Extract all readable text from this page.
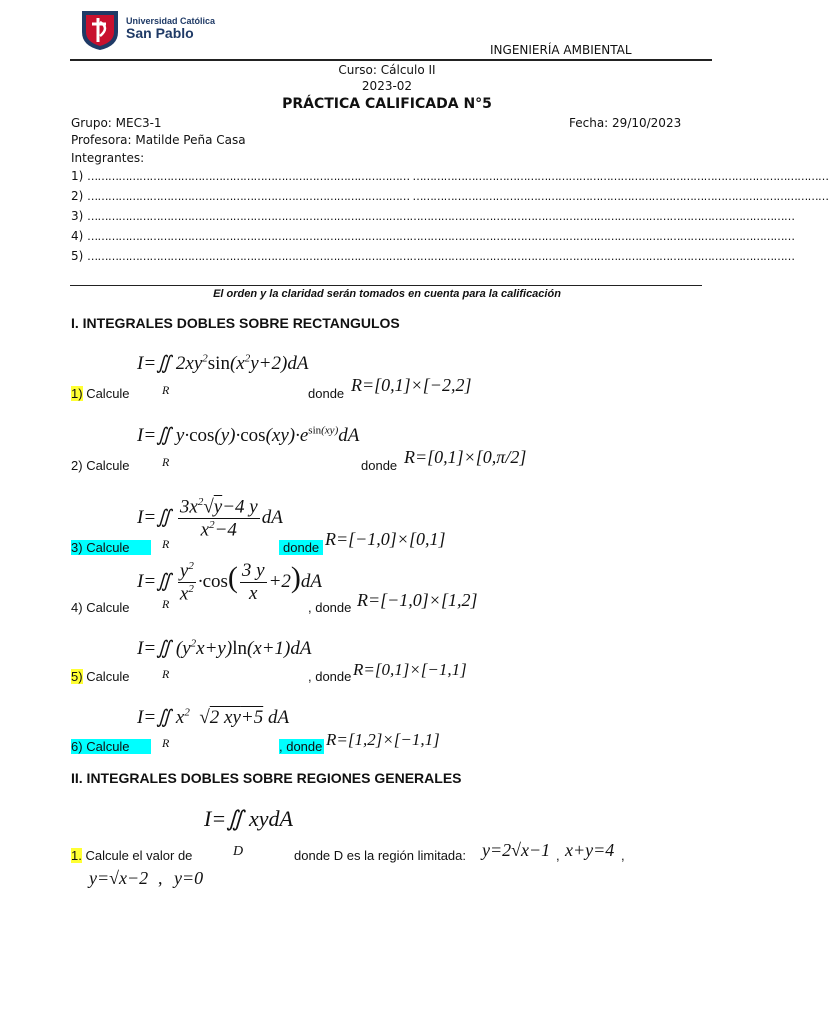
Universidad Católica
San Pablo
INGENIERÍA AMBIENTAL
Curso: Cálculo II
2023-02
PRÁCTICA CALIFICADA N°5
Grupo: MEC3-1	Fecha: 29/10/2023
Profesora: Matilde Peña Casa
Integrantes:
1) ………………………………………………………………………………… …………………………………………………………………………………………………………
2) ………………………………………………………………………………… …………………………………………………………………………………………………………
3) ……………………………………………………………………………………………………………………………………………………………………………………
4) ……………………………………………………………………………………………………………………………………………………………………………………
5) ……………………………………………………………………………………………………………………………………………………………………………………
El orden y la claridad serán tomados en cuenta para la calificación
I. INTEGRALES DOBLES SOBRE RECTANGULOS
I=∬ $2xy^2\sin(x^2y+2)dA$
R
1) Calcule	donde R=[0,1]×[−2,2]
I=∬ $y\cdot\cos(y)\cdot\cos(xy)\cdot e^{sin(xy)}dA$
R
2) Calcule	donde R=[0,1]×[0,π/2]
I=∬ $\frac{3x^2√y-4 y}{x^2-4}$ dA
R
3) Calcule	donde R=[−1,0]×[0,1]
I=∬ $\frac{y^2}{x^2} \cdot\cos( \frac{3 y}{x} +2)dA$
R
4) Calcule	, donde R=[−1,0]×[1,2]
I=∬ $(y^2x+y)\ln(x+1)dA$
R
5) Calcule	, donde R=[0,1]×[−1,1]
I=∬ $x^2$  √2 xy+5 dA
R
6) Calcule	, donde R=[1,2]×[−1,1]
II. INTEGRALES DOBLES SOBRE REGIONES GENERALES
I=∬ xydA
D
1. Calcule el valor de	donde D es la región limitada: y=2√x−1 , x+y=4 ,
y=√x−2 , y=0
